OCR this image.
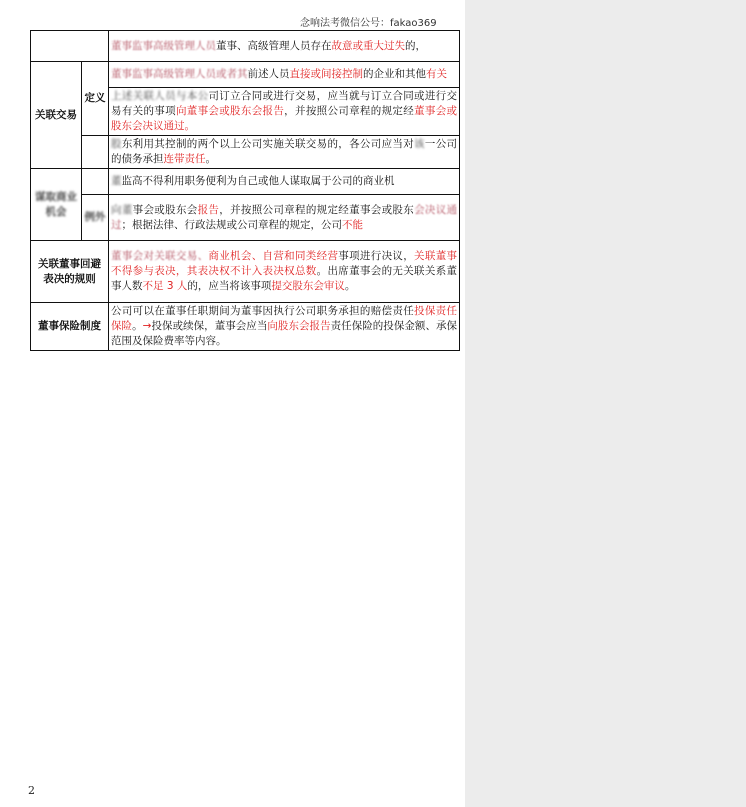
念响法考微信公号：fakao369
		董事监事高级管理人员董事、高级管理人员存在故意或重大过失的，
关联交易	定义	董事监事高级管理人员或者其前述人员直接或间接控制的企业和其他有关
		上述关联人员与本公司订立合同或进行交易，应当就与订立合同或进行交易有关的事项向董事会或股东会报告，并按照公司章程的规定经董事会或股东会决议通过。
		股东利用其控制的两个以上公司实施关联交易的，各公司应当对该一公司的债务承担连带责任。
谋取商业机会		董监高不得利用职务便利为自己或他人谋取属于公司的商业机
	例外	向董事会或股东会报告，并按照公司章程的规定经董事会或股东会决议通过；根据法律、行政法规或公司章程的规定，公司不能
关联董事回避表决的规则		董事会对关联交易、商业机会、自营和同类经营事项进行决议，关联董事不得参与表决，其表决权不计入表决权总数。出席董事会的无关联关系董事人数不足 3 人的，应当将该事项提交股东会审议。
董事保险制度		公司可以在董事任职期间为董事因执行公司职务承担的赔偿责任投保责任保险。→投保或续保，董事会应当向股东会报告责任保险的投保金额、承保范围及保险费率等内容。
2
